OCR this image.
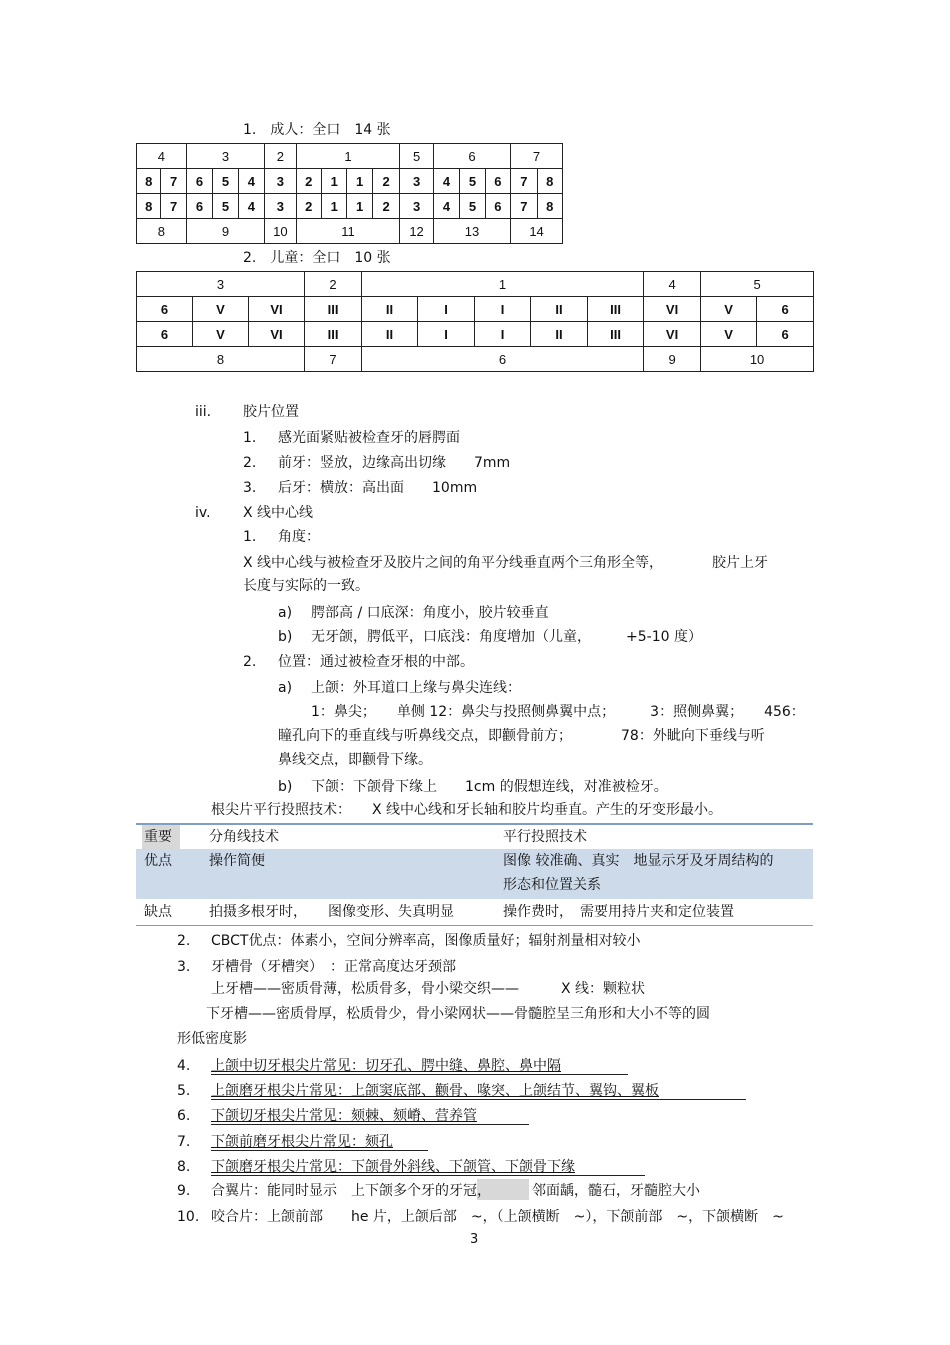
1.　成人：全口　14 张
4		3			2	1				5	6			7	
8	7	6	5	4	3	2	1	1	2	3	4	5	6	7	8
8	7	6	5	4	3	2	1	1	2	3	4	5	6	7	8
8		9			10	11				12	13			14	
2.　儿童：全口　10 张
3			2	1					4	5	
6	V	VI	III	II	I	I	II	III	VI	V	6
6	V	VI	III	II	I	I	II	III	VI	V	6
8			7	6					9	10	
iii. 胶片位置
1. 感光面紧贴被检查牙的唇腭面
2. 前牙：竖放，边缘高出切缘　　7mm
3. 后牙：横放：高出面　　10mm
iv. X 线中心线
1. 角度：
X 线中心线与被检查牙及胶片之间的角平分线垂直两个三角形全等，　　　　胶片上牙
长度与实际的一致。
a) 腭部高 / 口底深：角度小，胶片较垂直
b) 无牙颌，腭低平，口底浅：角度增加（儿童，　　　+5-10 度）
2. 位置：通过被检查牙根的中部。
a) 上颌：外耳道口上缘与鼻尖连线：
1：鼻尖；　　单侧 12：鼻尖与投照侧鼻翼中点；　　　3：照侧鼻翼；　　456：
瞳孔向下的垂直线与听鼻线交点，即颧骨前方；　　　　78：外眦向下垂线与听
鼻线交点，即颧骨下缘。
b) 下颌：下颌骨下缘上　　1cm 的假想连线，对准被检牙。
根尖片平行投照技术：　　X 线中心线和牙长轴和胶片均垂直。产生的牙变形最小。
重要	分角线技术	平行投照技术
优点	操作简便	图像 较准确、真实　地显示牙及牙周结构的
形态和位置关系
缺点	拍摄多根牙时，　　图像变形、失真明显	操作费时，　需要用持片夹和定位装置
2. CBCT优点：体素小，空间分辨率高，图像质量好；辐射剂量相对较小
3. 牙槽骨（牙槽突）　：正常高度达牙颈部
上牙槽——密质骨薄，松质骨多，骨小梁交织——　　　X 线：颗粒状
下牙槽——密质骨厚，松质骨少，骨小梁网状——骨髓腔呈三角形和大小不等的圆
形低密度影
4. 上颌中切牙根尖片常见：切牙孔、腭中缝、鼻腔、鼻中隔
5. 上颌磨牙根尖片常见：上颌窦底部、颧骨、喙突、上颌结节、翼钩、翼板
6. 下颌切牙根尖片常见：颏棘、颏嵴、营养管
7. 下颌前磨牙根尖片常见：颏孔
8. 下颌磨牙根尖片常见：下颌骨外斜线、下颌管、下颌骨下缘
9. 合翼片：能同时显示　上下颌多个牙的牙冠，	邻面龋，髓石，牙髓腔大小
10. 咬合片：上颌前部　　he 片，上颌后部　~，（上颌横断　~），下颌前部　~，下颌横断　~
3
